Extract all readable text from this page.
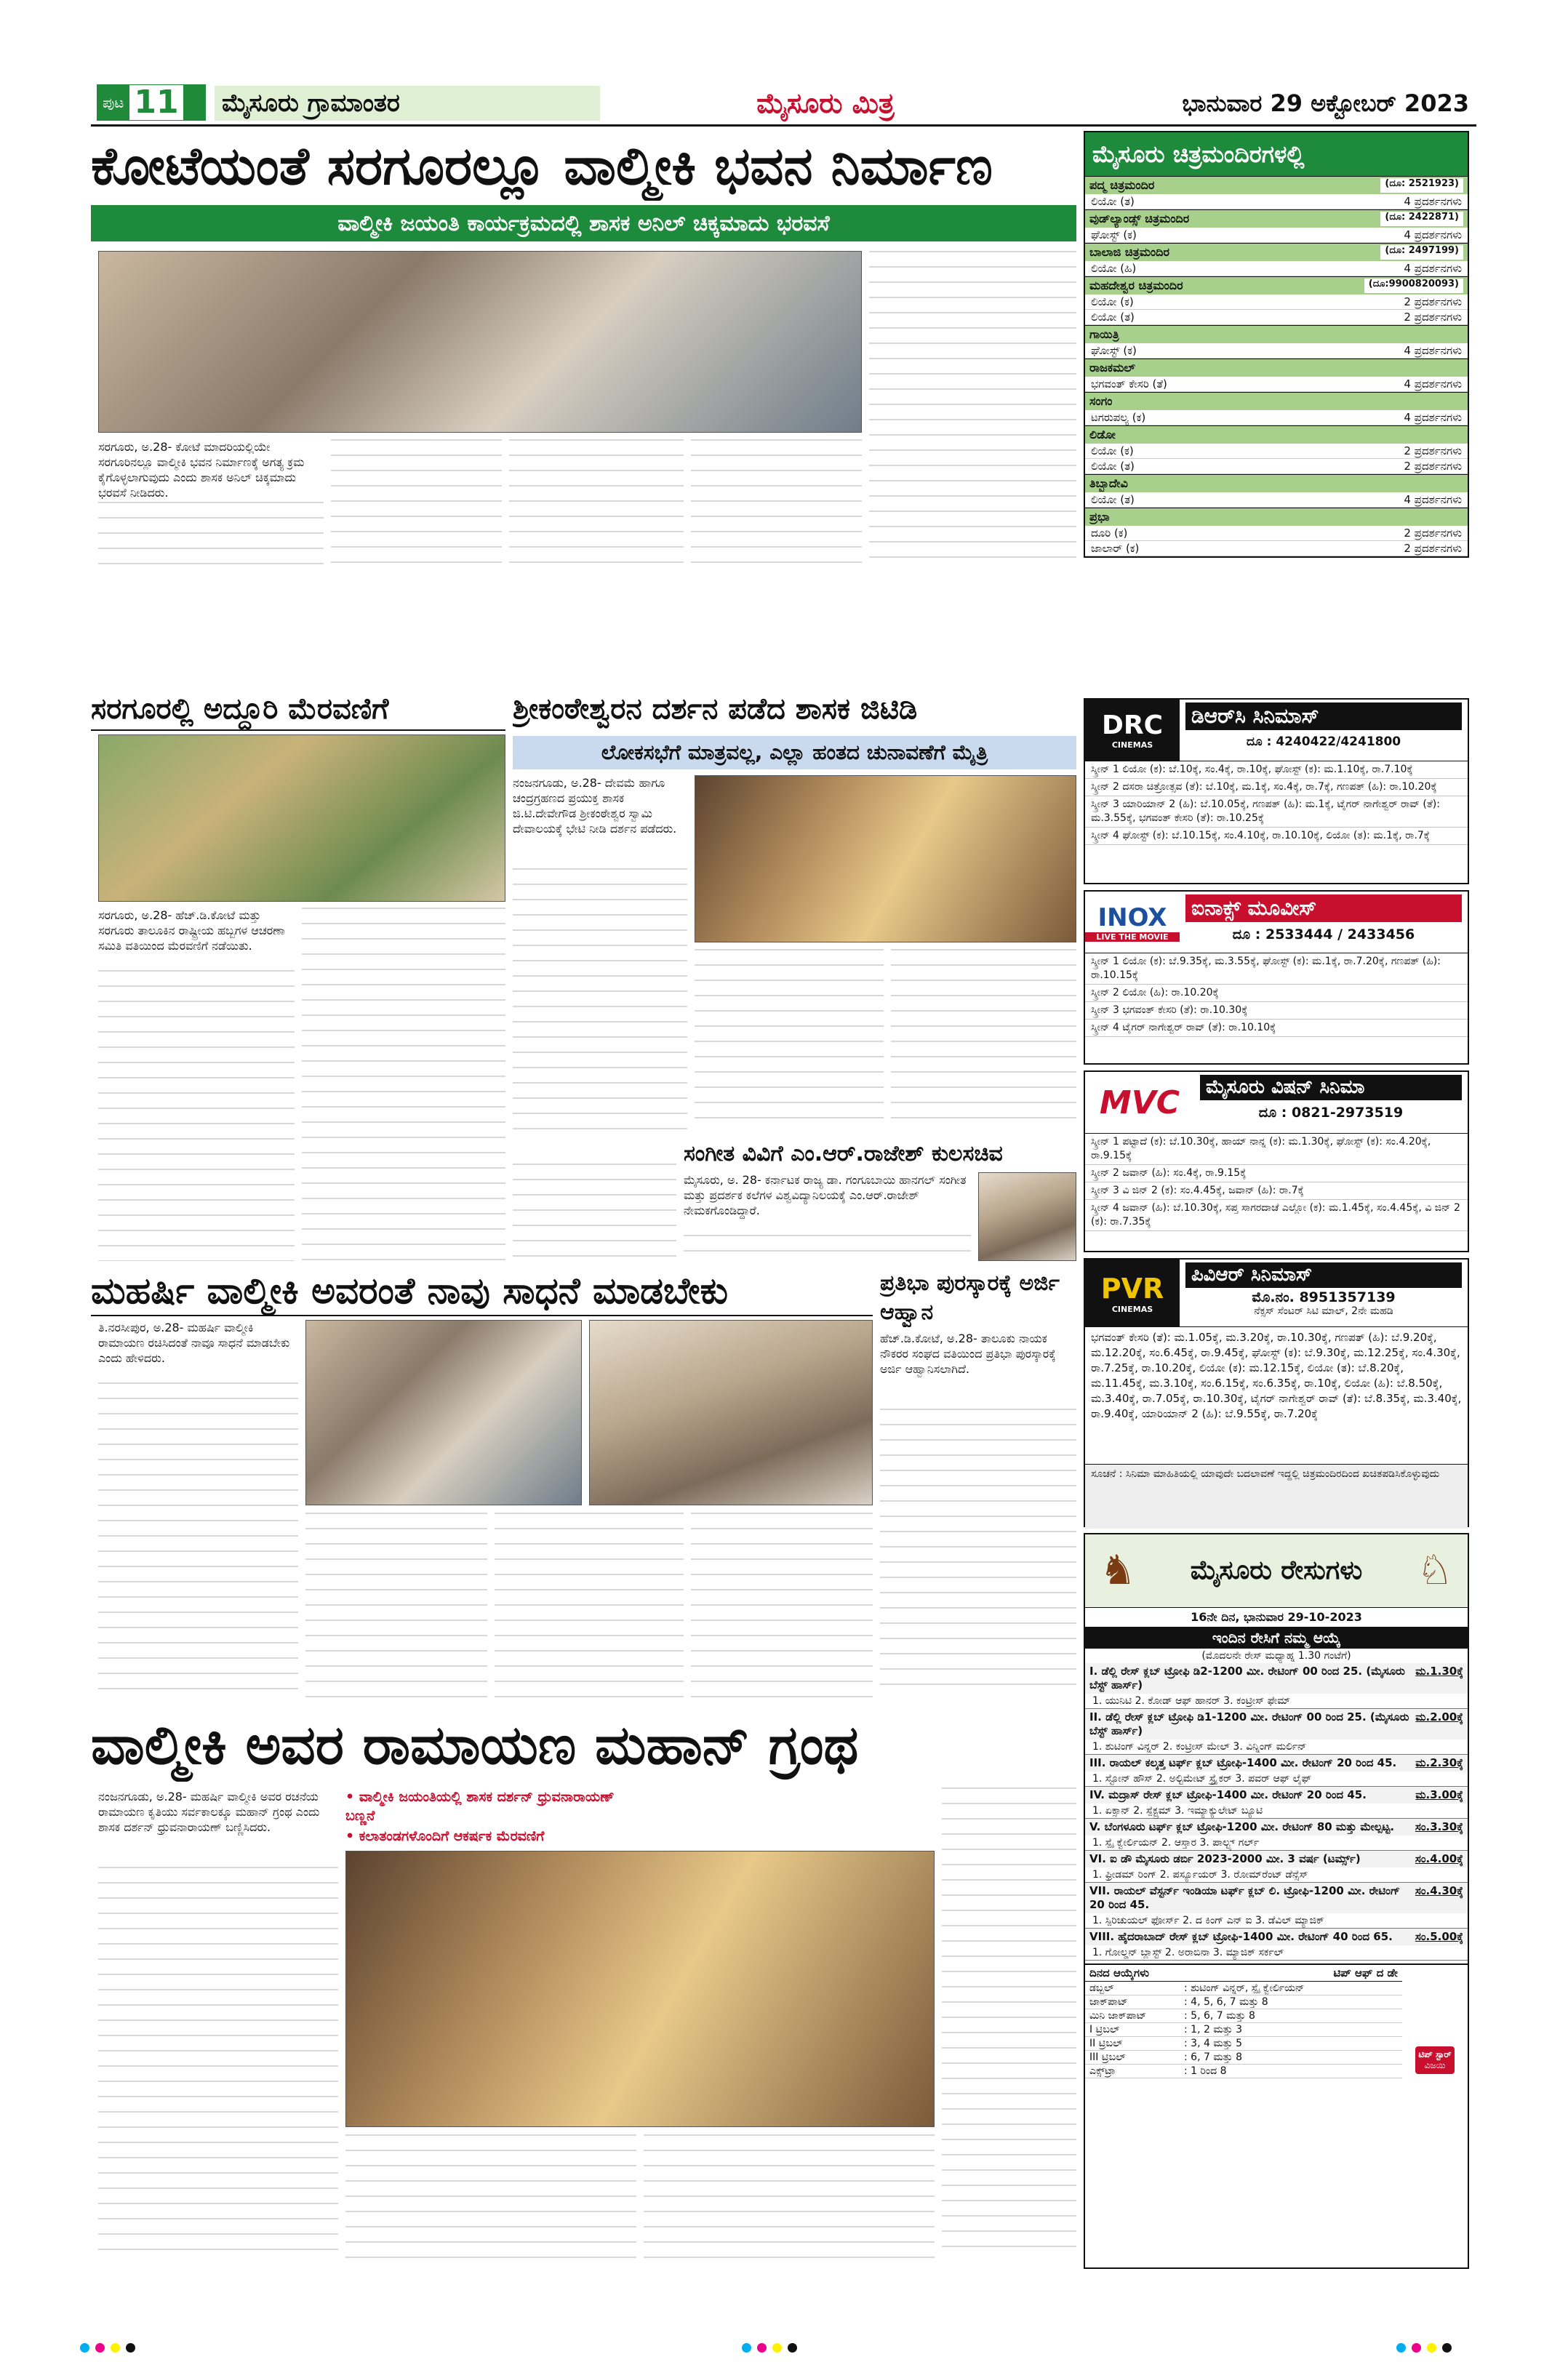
ಪುಟ 11 ಮೈಸೂರು ಗ್ರಾಮಾಂತರ	ಮೈಸೂರು ಮಿತ್ರ	ಭಾನುವಾರ 29 ಅಕ್ಟೋಬರ್ 2023
ಕೋಟೆಯಂತೆ ಸರಗೂರಲ್ಲೂ ವಾಲ್ಮೀಕಿ ಭವನ ನಿರ್ಮಾಣ
ವಾಲ್ಮೀಕಿ ಜಯಂತಿ ಕಾರ್ಯಕ್ರಮದಲ್ಲಿ ಶಾಸಕ ಅನಿಲ್ ಚಿಕ್ಕಮಾದು ಭರವಸೆ
ಸರಗೂರು, ಅ.28- ಕೋಟೆ ಮಾದರಿಯಲ್ಲಿಯೇ ಸರಗೂರಿನಲ್ಲೂ ವಾಲ್ಮೀಕಿ ಭವನ ನಿರ್ಮಾಣಕ್ಕೆ ಅಗತ್ಯ ಕ್ರಮ ಕೈಗೊಳ್ಳಲಾಗುವುದು ಎಂದು ಶಾಸಕ ಅನಿಲ್ ಚಿಕ್ಕಮಾದು ಭರವಸೆ ನೀಡಿದರು.
ಸರಗೂರಲ್ಲಿ ಅದ್ದೂರಿ ಮೆರವಣಿಗೆ
ಸರಗೂರು, ಅ.28- ಹೆಚ್.ಡಿ.ಕೋಟೆ ಮತ್ತು ಸರಗೂರು ತಾಲೂಕಿನ ರಾಷ್ಟ್ರೀಯ ಹಬ್ಬಗಳ ಆಚರಣಾ ಸಮಿತಿ ವತಿಯಿಂದ ಮೆರವಣಿಗೆ ನಡೆಯಿತು.
ಶ್ರೀಕಂಠೇಶ್ವರನ ದರ್ಶನ ಪಡೆದ ಶಾಸಕ ಜಿಟಿಡಿ
ಲೋಕಸಭೆಗೆ ಮಾತ್ರವಲ್ಲ, ಎಲ್ಲಾ ಹಂತದ ಚುನಾವಣೆಗೆ ಮೈತ್ರಿ
ನಂಜನಗೂಡು, ಅ.28- ದೇವಮೆ ಹಾಗೂ ಚಂದ್ರಗ್ರಹಣದ ಪ್ರಯುಕ್ತ ಶಾಸಕ ಜಿ.ಟಿ.ದೇವೇಗೌಡ ಶ್ರೀಕಂಠೇಶ್ವರ ಸ್ವಾಮಿ ದೇವಾಲಯಕ್ಕೆ ಭೇಟಿ ನೀಡಿ ದರ್ಶನ ಪಡೆದರು.
ಸಂಗೀತ ವಿವಿಗೆ ಎಂ.ಆರ್.ರಾಜೇಶ್ ಕುಲಸಚಿವ
ಮೈಸೂರು, ಅ. 28- ಕರ್ನಾಟಕ ರಾಜ್ಯ ಡಾ. ಗಂಗೂಬಾಯಿ ಹಾನಗಲ್ ಸಂಗೀತ ಮತ್ತು ಪ್ರದರ್ಶಕ ಕಲೆಗಳ ವಿಶ್ವವಿದ್ಯಾನಿಲಯಕ್ಕೆ ಎಂ.ಆರ್.ರಾಜೇಶ್ ನೇಮಕಗೊಂಡಿದ್ದಾರೆ.
ಮಹರ್ಷಿ ವಾಲ್ಮೀಕಿ ಅವರಂತೆ ನಾವು ಸಾಧನೆ ಮಾಡಬೇಕು
ತಿ.ನರಸೀಪುರ, ಅ.28- ಮಹರ್ಷಿ ವಾಲ್ಮೀಕಿ ರಾಮಾಯಣ ರಚಿಸಿದಂತೆ ನಾವೂ ಸಾಧನೆ ಮಾಡಬೇಕು ಎಂದು ಹೇಳಿದರು.
ಪ್ರತಿಭಾ ಪುರಸ್ಕಾರಕ್ಕೆ ಅರ್ಜಿ ಆಹ್ವಾನ
ಹೆಚ್.ಡಿ.ಕೋಟೆ, ಅ.28- ತಾಲೂಕು ನಾಯಕ ನೌಕರರ ಸಂಘದ ವತಿಯಿಂದ ಪ್ರತಿಭಾ ಪುರಸ್ಕಾರಕ್ಕೆ ಅರ್ಜಿ ಆಹ್ವಾನಿಸಲಾಗಿದೆ.
ವಾಲ್ಮೀಕಿ ಅವರ ರಾಮಾಯಣ ಮಹಾನ್ ಗ್ರಂಥ
ನಂಜನಗೂಡು, ಅ.28- ಮಹರ್ಷಿ ವಾಲ್ಮೀಕಿ ಅವರ ರಚನೆಯ ರಾಮಾಯಣ ಕೃತಿಯು ಸರ್ವಕಾಲಕ್ಕೂ ಮಹಾನ್ ಗ್ರಂಥ ಎಂದು ಶಾಸಕ ದರ್ಶನ್ ಧ್ರುವನಾರಾಯಣ್ ಬಣ್ಣಿಸಿದರು.
• ವಾಲ್ಮೀಕಿ ಜಯಂತಿಯಲ್ಲಿ ಶಾಸಕ ದರ್ಶನ್ ಧ್ರುವನಾರಾಯಣ್ ಬಣ್ಣನೆ
• ಕಲಾತಂಡಗಳೊಂದಿಗೆ ಆಕರ್ಷಕ ಮೆರವಣಿಗೆ
ಮೈಸೂರು ಚಿತ್ರಮಂದಿರಗಳಲ್ಲಿ
ಪದ್ಮ ಚಿತ್ರಮಂದಿರ	(ದೂ: 2521923)
ಲಿಯೋ (ತ)	4 ಪ್ರದರ್ಶನಗಳು
ವುಡ್‌ಲ್ಯಾಂಡ್ಸ್ ಚಿತ್ರಮಂದಿರ	(ದೂ: 2422871)
ಘೋಸ್ಟ್ (ಕ)	4 ಪ್ರದರ್ಶನಗಳು
ಬಾಲಾಜಿ ಚಿತ್ರಮಂದಿರ	(ದೂ: 2497199)
ಲಿಯೋ (ಹಿ)	4 ಪ್ರದರ್ಶನಗಳು
ಮಹದೇಶ್ವರ ಚಿತ್ರಮಂದಿರ	(ದೂ:9900820093)
ಲಿಯೋ (ಕ)	2 ಪ್ರದರ್ಶನಗಳು
ಲಿಯೋ (ತ)	2 ಪ್ರದರ್ಶನಗಳು
ಗಾಯಿತ್ರಿ
ಘೋಸ್ಟ್ (ಕ)	4 ಪ್ರದರ್ಶನಗಳು
ರಾಜಕಮಲ್
ಭಗವಂತ್ ಕೇಸರಿ (ತೆ)	4 ಪ್ರದರ್ಶನಗಳು
ಸಂಗಂ
ಟಗರುಪಲ್ಯ (ಕ)	4 ಪ್ರದರ್ಶನಗಳು
ಲಿಡೋ
ಲಿಯೋ (ಕ)	2 ಪ್ರದರ್ಶನಗಳು
ಲಿಯೋ (ತ)	2 ಪ್ರದರ್ಶನಗಳು
ತಿಬ್ಬಾದೇವಿ
ಲಿಯೋ (ತ)	4 ಪ್ರದರ್ಶನಗಳು
ಪ್ರಭಾ
ದೂರಿ (ಕ)	2 ಪ್ರದರ್ಶನಗಳು
ಜಾಲಾರ್ (ಕ)	2 ಪ್ರದರ್ಶನಗಳು
DRC
CINEMAS
ಡಿಆರ್‌ಸಿ ಸಿನಿಮಾಸ್
ದೂ : 4240422/4241800
ಸ್ಕ್ರೀನ್ 1 ಲಿಯೋ (ಕ): ಬೆ.10ಕ್ಕೆ, ಸಂ.4ಕ್ಕೆ, ರಾ.10ಕ್ಕೆ, ಘೋಸ್ಟ್ (ಕ): ಮ.1.10ಕ್ಕೆ, ರಾ.7.10ಕ್ಕೆ
ಸ್ಕ್ರೀನ್ 2 ದಸರಾ ಚಿತ್ರೋತ್ಸವ (ತೆ): ಬೆ.10ಕ್ಕೆ, ಮ.1ಕ್ಕೆ, ಸಂ.4ಕ್ಕೆ, ರಾ.7ಕ್ಕೆ, ಗಣಪತ್ (ಹಿ): ರಾ.10.20ಕ್ಕೆ
ಸ್ಕ್ರೀನ್ 3 ಯಾರಿಯಾನ್ 2 (ಹಿ): ಬೆ.10.05ಕ್ಕೆ, ಗಣಪತ್ (ಹಿ): ಮ.1ಕ್ಕೆ, ಟೈಗರ್ ನಾಗೇಶ್ವರ್ ರಾವ್ (ತೆ): ಮ.3.55ಕ್ಕೆ, ಭಗವಂತ್ ಕೇಸರಿ (ತೆ): ರಾ.10.25ಕ್ಕೆ
ಸ್ಕ್ರೀನ್ 4 ಘೋಸ್ಟ್ (ಕ): ಬೆ.10.15ಕ್ಕೆ, ಸಂ.4.10ಕ್ಕೆ, ರಾ.10.10ಕ್ಕೆ, ಲಿಯೋ (ತ): ಮ.1ಕ್ಕೆ, ರಾ.7ಕ್ಕೆ
INOX
LIVE THE MOVIE
ಐನಾಕ್ಸ್ ಮೂವೀಸ್
ದೂ : 2533444 / 2433456
ಸ್ಕ್ರೀನ್ 1 ಲಿಯೋ (ಕ): ಬೆ.9.35ಕ್ಕೆ, ಮ.3.55ಕ್ಕೆ, ಘೋಸ್ಟ್ (ಕ): ಮ.1ಕ್ಕೆ, ರಾ.7.20ಕ್ಕೆ, ಗಣಪತ್ (ಹಿ): ರಾ.10.15ಕ್ಕೆ
ಸ್ಕ್ರೀನ್ 2 ಲಿಯೋ (ಹಿ): ರಾ.10.20ಕ್ಕೆ
ಸ್ಕ್ರೀನ್ 3 ಭಗವಂತ್ ಕೇಸರಿ (ತೆ): ರಾ.10.30ಕ್ಕೆ
ಸ್ಕ್ರೀನ್ 4 ಟೈಗರ್ ನಾಗೇಶ್ವರ್ ರಾವ್ (ತೆ): ರಾ.10.10ಕ್ಕೆ
MVC	ಮೈಸೂರು ವಿಷನ್ ಸಿನಿಮಾ
ದೂ : 0821-2973519
ಸ್ಕ್ರೀನ್ 1 ಪಟ್ಟಾದೆ (ಕ): ಬೆ.10.30ಕ್ಕೆ, ಹಾಯ್ ನಾನ್ನ (ಕ): ಮ.1.30ಕ್ಕೆ, ಘೋಸ್ಟ್ (ಕ): ಸಂ.4.20ಕ್ಕೆ, ರಾ.9.15ಕ್ಕೆ
ಸ್ಕ್ರೀನ್ 2 ಜವಾನ್ (ಹಿ): ಸಂ.4ಕ್ಕೆ, ರಾ.9.15ಕ್ಕೆ
ಸ್ಕ್ರೀನ್ 3 ವಿ ಜಿನ್ 2 (ಕ): ಸಂ.4.45ಕ್ಕೆ, ಜವಾನ್ (ಹಿ): ರಾ.7ಕ್ಕೆ
ಸ್ಕ್ರೀನ್ 4 ಜವಾನ್ (ಹಿ): ಬೆ.10.30ಕ್ಕೆ, ಸಪ್ತ ಸಾಗರದಾಚೆ ಎಲ್ಲೋ (ಕ): ಮ.1.45ಕ್ಕೆ, ಸಂ.4.45ಕ್ಕೆ, ವಿ ಜಿನ್ 2 (ಕ): ರಾ.7.35ಕ್ಕೆ
PVR
CINEMAS
ಪಿವಿಆರ್ ಸಿನಿಮಾಸ್
ಮೊ.ನಂ. 8951357139
ನೆಕ್ಸಸ್ ಸೆಂಟರ್ ಸಿಟಿ ಮಾಲ್, 2ನೇ ಮಹಡಿ
ಭಗವಂತ್ ಕೇಸರಿ (ತೆ): ಮ.1.05ಕ್ಕೆ, ಮ.3.20ಕ್ಕೆ, ರಾ.10.30ಕ್ಕೆ, ಗಣಪತ್ (ಹಿ): ಬೆ.9.20ಕ್ಕೆ, ಮ.12.20ಕ್ಕೆ, ಸಂ.6.45ಕ್ಕೆ, ರಾ.9.45ಕ್ಕೆ, ಘೋಸ್ಟ್ (ಕ): ಬೆ.9.30ಕ್ಕೆ, ಮ.12.25ಕ್ಕೆ, ಸಂ.4.30ಕ್ಕೆ, ರಾ.7.25ಕ್ಕೆ, ರಾ.10.20ಕ್ಕೆ, ಲಿಯೋ (ಕ): ಮ.12.15ಕ್ಕೆ, ಲಿಯೋ (ತ): ಬೆ.8.20ಕ್ಕೆ, ಮ.11.45ಕ್ಕೆ, ಮ.3.10ಕ್ಕೆ, ಸಂ.6.15ಕ್ಕೆ, ಸಂ.6.35ಕ್ಕೆ, ರಾ.10ಕ್ಕೆ, ಲಿಯೋ (ಹಿ): ಬೆ.8.50ಕ್ಕೆ, ಮ.3.40ಕ್ಕೆ, ರಾ.7.05ಕ್ಕೆ, ರಾ.10.30ಕ್ಕೆ, ಟೈಗರ್ ನಾಗೇಶ್ವರ್ ರಾವ್ (ತೆ): ಬೆ.8.35ಕ್ಕೆ, ಮ.3.40ಕ್ಕೆ, ರಾ.9.40ಕ್ಕೆ, ಯಾರಿಯಾನ್ 2 (ಹಿ): ಬೆ.9.55ಕ್ಕೆ, ರಾ.7.20ಕ್ಕೆ
ಸೂಚನೆ : ಸಿನಿಮಾ ಮಾಹಿತಿಯಲ್ಲಿ ಯಾವುದೇ ಬದಲಾವಣೆ ಇದ್ದಲ್ಲಿ ಚಿತ್ರಮಂದಿರದಿಂದ ಖಚಿತಪಡಿಸಿಕೊಳ್ಳುವುದು
♞	ಮೈಸೂರು ರೇಸುಗಳು	♘
16ನೇ ದಿನ, ಭಾನುವಾರ 29-10-2023
ಇಂದಿನ ರೇಸಿಗೆ ನಮ್ಮ ಆಯ್ಕೆ
(ಮೊದಲನೇ ರೇಸ್ ಮಧ್ಯಾಹ್ನ 1.30 ಗಂಟೆಗೆ)
I. ಡೆಲ್ಲಿ ರೇಸ್ ಕ್ಲಬ್ ಟ್ರೋಫಿ ಡಿ2-1200 ಮೀ. ರೇಟಿಂಗ್ 00 ರಿಂದ 25. (ಮೈಸೂರು ಬೆಸ್ಟ್ ಹಾರ್ಸ್)
ಮ.1.30ಕ್ಕೆ
1. ಯುನಿಟಿ 2. ಕೋಡ್ ಆಫ್ ಹಾನರ್ 3. ಕಂಟ್ರೀಸ್ ಫೇಮ್
II. ಡೆಲ್ಲಿ ರೇಸ್ ಕ್ಲಬ್ ಟ್ರೋಫಿ ಡಿ1-1200 ಮೀ. ರೇಟಿಂಗ್ 00 ರಿಂದ 25. (ಮೈಸೂರು ಬೆಸ್ಟ್ ಹಾರ್ಸ್)
ಮ.2.00ಕ್ಕೆ
1. ಶುಟಿಂಗ್ ವಿನ್ನರ್ 2. ಕಂಟ್ರೀಸ್ ಮೇಲ್ 3. ವಿನ್ನಿಂಗ್ ಮರ್ಲಿನ್
III. ರಾಯಲ್ ಕಲ್ಕತ್ತ ಟರ್ಫ್ ಕ್ಲಬ್ ಟ್ರೋಫಿ-1400 ಮೀ. ರೇಟಿಂಗ್ 20 ರಿಂದ 45.	ಮ.2.30ಕ್ಕೆ
1. ಸ್ಟೋನ್ ಹೌಸ್ 2. ಅಲ್ಟಿಮೇಟ್ ಸ್ಟ್ರೈಕರ್ 3. ಪವರ್ ಆಫ್ ಲೈಫ್
IV. ಮದ್ರಾಸ್ ರೇಸ್ ಕ್ಲಬ್ ಟ್ರೋಫಿ-1400 ಮೀ. ರೇಟಿಂಗ್ 20 ರಿಂದ 45.	ಮ.3.00ಕ್ಕೆ
1. ಏಕ್ಸಾನ್ 2. ಸ್ಪೆಕ್ಟ್ರಮ್ 3. ಇಮ್ಯಾಕ್ಯುಲೇಟ್ ಬ್ಯೂಟಿ
V. ಬೆಂಗಳೂರು ಟರ್ಫ್ ಕ್ಲಬ್ ಟ್ರೋಫಿ-1200 ಮೀ. ರೇಟಿಂಗ್ 80 ಮತ್ತು ಮೇಲ್ಪಟ್ಟ.	ಸಂ.3.30ಕ್ಕೆ
1. ಸ್ಪೈ ಕ್ವೇರ್ಲಿಯನ್ 2. ಆಸ್ತಾರ 3. ಪಾಲ್ಟ್ಸ್ ಗರ್ಲ್
VI. ಐ ಡೌ ಮೈಸೂರು ಡರ್ಬಿ 2023-2000 ಮೀ. 3 ವರ್ಷ (ಟರ್ಮ್ಸ್)	ಸಂ.4.00ಕ್ಕೆ
1. ಫ್ರೀಡಮ್ ರಿಂಗ್ 2. ಪರ್ಸ್ಯೂಯರ್ 3. ರೋಮ್‌ರೆಂಟ್ ಡೆನ್ಸೆಸ್
VII. ರಾಯಲ್ ವೆಸ್ಟರ್ನ್ ಇಂಡಿಯಾ ಟರ್ಫ್ ಕ್ಲಬ್ ಲಿ. ಟ್ರೋಫಿ-1200 ಮೀ. ರೇಟಿಂಗ್ 20 ರಿಂದ 45.
ಸಂ.4.30ಕ್ಕೆ
1. ಸ್ಪಿರಿಚುಯಲ್ ಫೋರ್ಸ್ 2. ದ ಕಿಂಗ್ ಎನ್ ಐ 3. ಡೆವಿಲ್ ಮ್ಯಾಜಿಕ್
VIII. ಹೈದರಾಬಾದ್ ರೇಸ್ ಕ್ಲಬ್ ಟ್ರೋಫಿ-1400 ಮೀ. ರೇಟಿಂಗ್ 40 ರಿಂದ 65.	ಸಂ.5.00ಕ್ಕೆ
1. ಗೋಲ್ಡನ್ ಬ್ಲಾಸ್ಟ್ 2. ಅರಾಬಿನಾ 3. ಮ್ಯಾಜಿಕ್ ಸರ್ಕಲ್
ದಿನದ ಆಯ್ಕೆಗಳು	ಟಿಪ್ ಆಫ್ ದ ಡೇ
ಡಬ್ಬಲ್	: ಶುಟಿಂಗ್ ವಿನ್ನರ್, ಸ್ಪೈ ಕ್ವೇರ್ಲಿಯನ್
ಜಾಕ್‌ಪಾಟ್	: 4, 5, 6, 7 ಮತ್ತು 8
ಮಿನಿ ಜಾಕ್‌ಪಾಟ್	: 5, 6, 7 ಮತ್ತು 8
I ಟ್ರಿಬಲ್	: 1, 2 ಮತ್ತು 3
II ಟ್ರಿಬಲ್	: 3, 4 ಮತ್ತು 5
III ಟ್ರಿಬಲ್	: 6, 7 ಮತ್ತು 8
ಎಕ್ಸ್‌ಟ್ರಾ	: 1 ರಿಂದ 8
ಟಿಪ್ ಸ್ಟಾರ್
ವಿಜಯಿ
